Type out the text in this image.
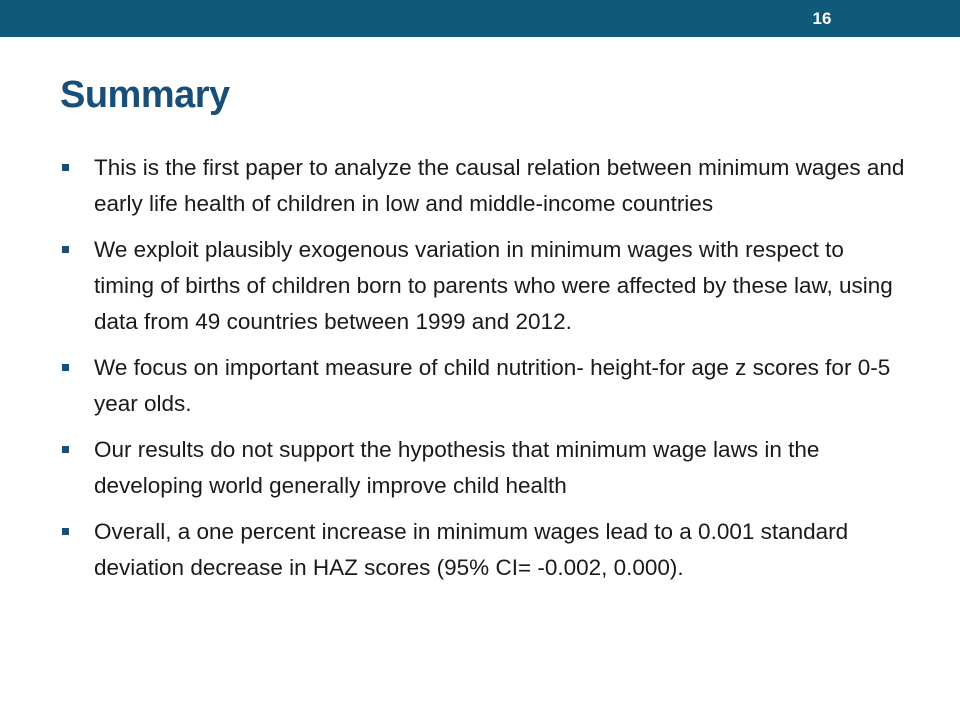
16
Summary
This is the first paper to analyze the causal relation between minimum wages and early life health of children in low and middle-income countries
We exploit plausibly exogenous variation in minimum wages with respect to timing of births of children born to parents who were affected by these law, using data from 49 countries between 1999 and 2012.
We focus on important measure of child nutrition- height-for age z scores for 0-5 year olds.
Our results do not support the hypothesis that minimum wage laws in the developing world generally improve child health
Overall, a one percent increase in minimum wages lead to a 0.001 standard deviation decrease in HAZ scores (95% CI= -0.002, 0.000).
